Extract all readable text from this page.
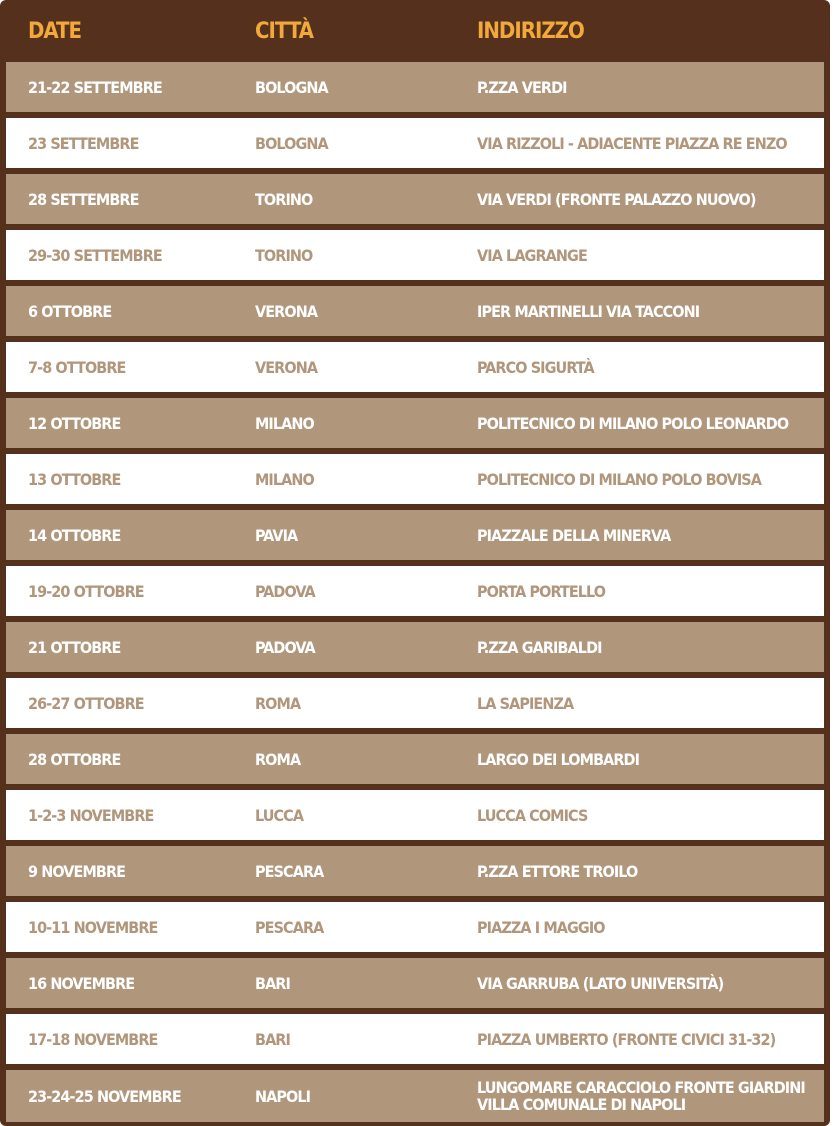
DATE	CITTÀ	INDIRIZZO
21-22 SETTEMBRE	BOLOGNA	P.ZZA VERDI
23 SETTEMBRE	BOLOGNA	VIA RIZZOLI - ADIACENTE PIAZZA RE ENZO
28 SETTEMBRE	TORINO	VIA VERDI (FRONTE PALAZZO NUOVO)
29-30 SETTEMBRE	TORINO	VIA LAGRANGE
6 OTTOBRE	VERONA	IPER MARTINELLI VIA TACCONI
7-8 OTTOBRE	VERONA	PARCO SIGURTÀ
12 OTTOBRE	MILANO	POLITECNICO DI MILANO POLO LEONARDO
13 OTTOBRE	MILANO	POLITECNICO DI MILANO POLO BOVISA
14 OTTOBRE	PAVIA	PIAZZALE DELLA MINERVA
19-20 OTTOBRE	PADOVA	PORTA PORTELLO
21 OTTOBRE	PADOVA	P.ZZA GARIBALDI
26-27 OTTOBRE	ROMA	LA SAPIENZA
28 OTTOBRE	ROMA	LARGO DEI LOMBARDI
1-2-3 NOVEMBRE	LUCCA	LUCCA COMICS
9 NOVEMBRE	PESCARA	P.ZZA ETTORE TROILO
10-11 NOVEMBRE	PESCARA	PIAZZA I MAGGIO
16 NOVEMBRE	BARI	VIA GARRUBA (LATO UNIVERSITÀ)
17-18 NOVEMBRE	BARI	PIAZZA UMBERTO (FRONTE CIVICI 31-32)
23-24-25 NOVEMBRE	NAPOLI	LUNGOMARE CARACCIOLO FRONTE GIARDINI VILLA COMUNALE DI NAPOLI
